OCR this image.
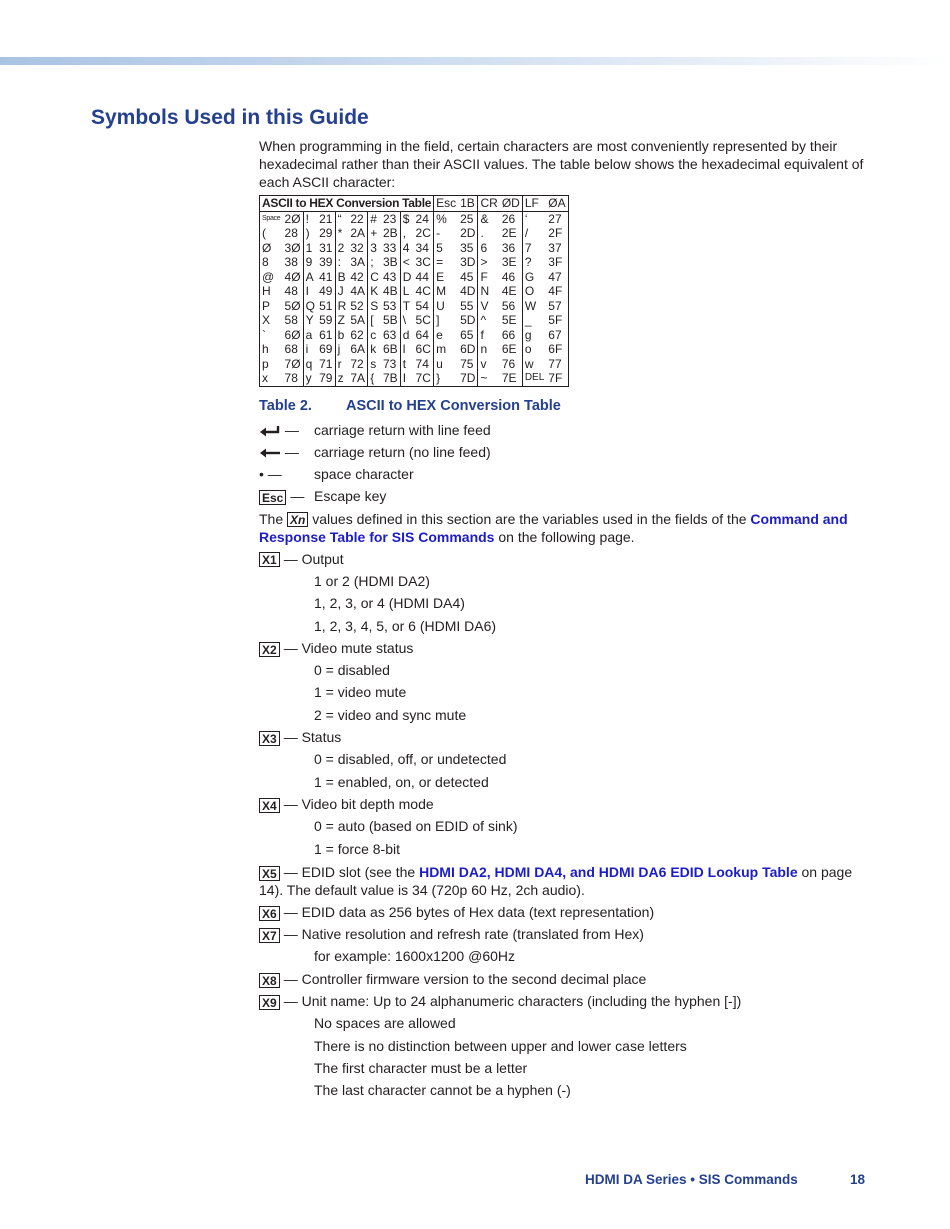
Symbols Used in this Guide

When programming in the field, certain characters are most conveniently represented by their hexadecimal rather than their ASCII values. The table below shows the hexadecimal equivalent of each ASCII character:

ASCII to HEX Conversion Table										Esc	1B	CR	ØD	LF	ØA
Space	2Ø	!	21	“	22	#	23	$	24	%	25	&	26	‘	27
(	28	)	29	*	2A	+	2B	,	2C	-	2D	.	2E	/	2F
Ø	3Ø	1	31	2	32	3	33	4	34	5	35	6	36	7	37
8	38	9	39	:	3A	;	3B	<	3C	=	3D	>	3E	?	3F
@	4Ø	A	41	B	42	C	43	D	44	E	45	F	46	G	47
H	48	I	49	J	4A	K	4B	L	4C	M	4D	N	4E	O	4F
P	5Ø	Q	51	R	52	S	53	T	54	U	55	V	56	W	57
X	58	Y	59	Z	5A	[	5B	\	5C	]	5D	^	5E	_	5F
`	6Ø	a	61	b	62	c	63	d	64	e	65	f	66	g	67
h	68	i	69	j	6A	k	6B	l	6C	m	6D	n	6E	o	6F
p	7Ø	q	71	r	72	s	73	t	74	u	75	v	76	w	77
x	78	y	79	z	7A	{	7B	I	7C	}	7D	~	7E	DEL	7F
Table 2. ASCII to HEX Conversion Table
—	carriage return with line feed
—	carriage return (no line feed)
• —	space character
Esc — Escape key

The Xn values defined in this section are the variables used in the fields of the Command and Response Table for SIS Commands on the following page.

X1 — Output
1 or 2 (HDMI DA2)
1, 2, 3, or 4 (HDMI DA4)
1, 2, 3, 4, 5, or 6 (HDMI DA6)
X2 — Video mute status
0 = disabled
1 = video mute
2 = video and sync mute
X3 — Status
0 = disabled, off, or undetected
1 = enabled, on, or detected
X4 — Video bit depth mode
0 = auto (based on EDID of sink)
1 = force 8-bit

X5 — EDID slot (see the HDMI DA2, HDMI DA4, and HDMI DA6 EDID Lookup Table on page 14). The default value is 34 (720p 60 Hz, 2ch audio).

X6 — EDID data as 256 bytes of Hex data (text representation)
X7 — Native resolution and refresh rate (translated from Hex)
for example: 1600x1200 @60Hz
X8 — Controller firmware version to the second decimal place
X9 — Unit name: Up to 24 alphanumeric characters (including the hyphen [-])
No spaces are allowed
There is no distinction between upper and lower case letters
The first character must be a letter
The last character cannot be a hyphen (-)
HDMI DA Series • SIS Commands	18
